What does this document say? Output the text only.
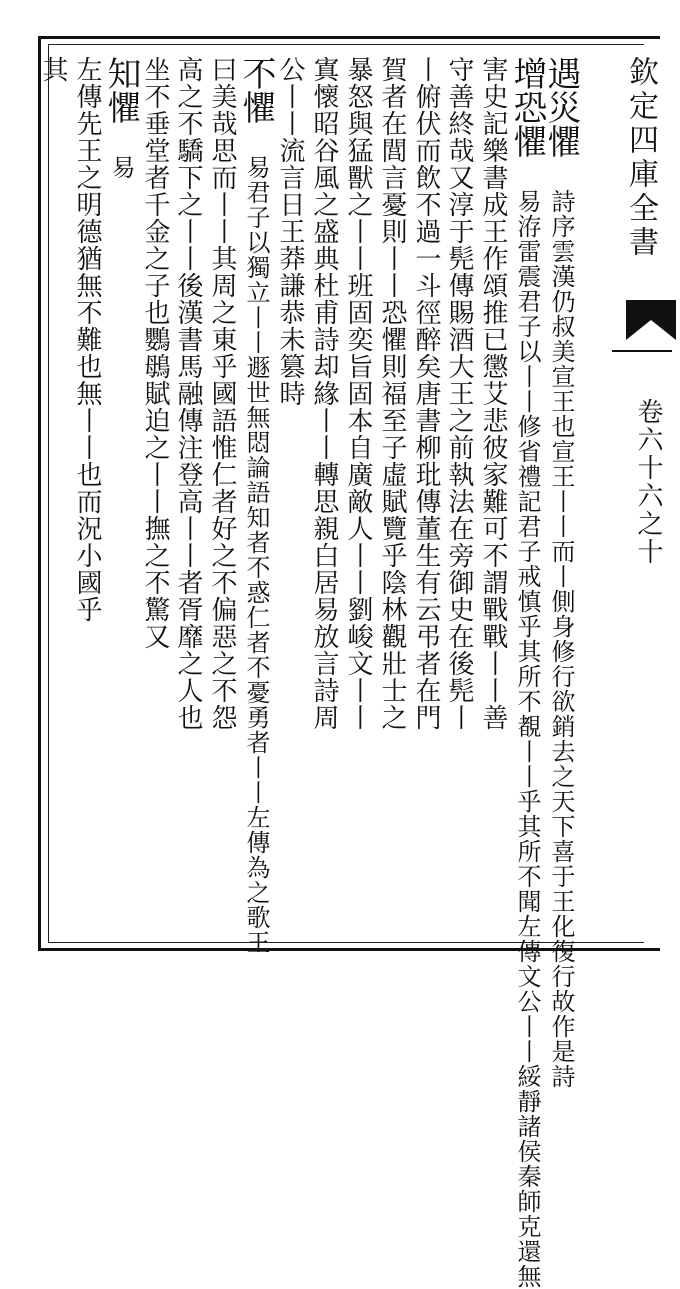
欽定四庫全書
卷六十六之十
遇災懼 詩序雲漢仍叔美宣王也宣王丨丨而丨側身修行欲銷去之天下喜于王化復行故作是詩
增恐懼 易洊雷震君子以丨丨修省禮記君子戒慎乎其所不覩丨丨乎其所不聞左傳文公丨丨綏靜諸侯秦師克還無
害史記樂書成王作頌推已懲艾悲彼家難可不謂戰戰丨丨善
守善終哉又淳于髡傳賜酒大王之前執法在旁御史在後髡丨
丨俯伏而飲不過一斗徑醉矣唐書柳玭傳董生有云弔者在門
賀者在閭言憂則丨丨恐懼則福至子虛賦覽乎陰林觀壯士之
暴怒與猛獸之丨丨班固奕旨固本自廣敵人丨丨劉峻文丨丨
寘懷昭谷風之盛典杜甫詩却緣丨丨轉思親白居易放言詩周
公丨丨流言日王莽謙恭未篡時
不懼 易君子以獨立丨丨遯世無悶論語知者不惑仁者不憂勇者丨丨左傳為之歌王
曰美哉思而丨丨其周之東乎國語惟仁者好之不偏惡之不怨
高之不驕下之丨丨後漢書馬融傳注登高丨丨者胥靡之人也
坐不垂堂者千金之子也鸚䳇賦迫之丨丨撫之不驚又
知懼 易
左傳先王之明德猶無不難也無丨丨也而況小國乎
其
